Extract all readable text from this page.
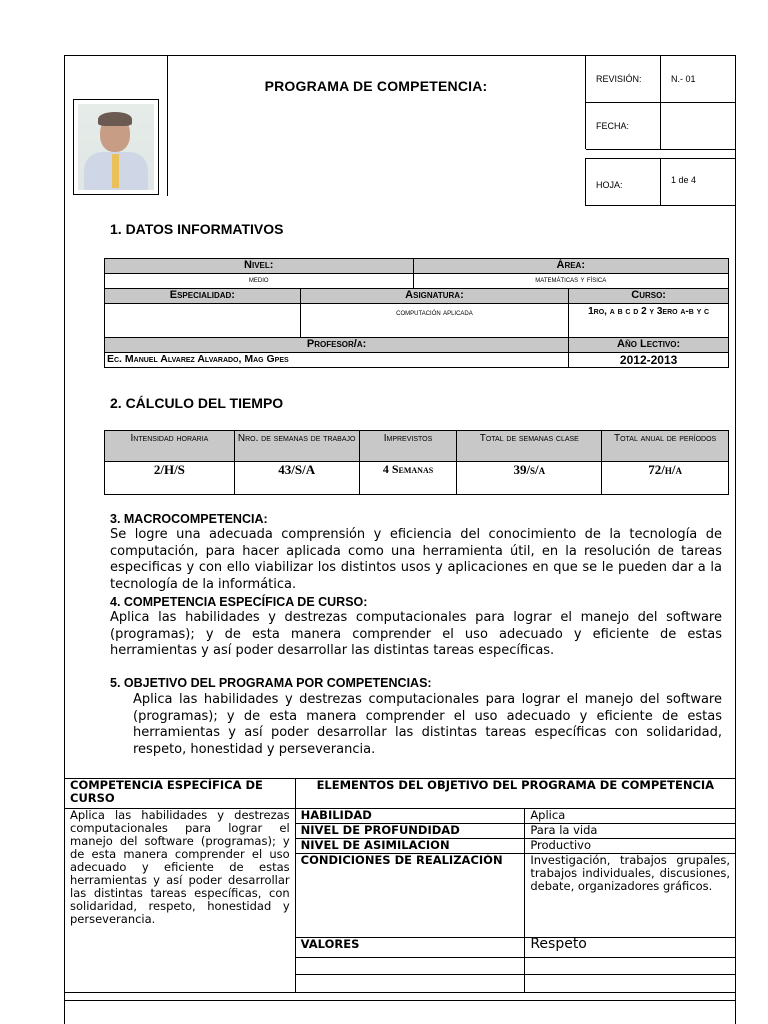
PROGRAMA DE COMPETENCIA:	REVISIÓN:	N.- 01
FECHA:
HOJA:	1 de 4
1. DATOS INFORMATIVOS
Nivel:		Área:	
medio		matemáticas y física	
Especialidad:	Asignatura:		Curso:
	computación aplicada		1ro, a b c d 2 y 3ero a-b y c
Profesor/a:			Año Lectivo:
Ec. Manuel Alvarez Alvarado, Mag Gpes			2012-2013
2. CÁLCULO DEL TIEMPO
Intensidad horaria	Nro. de semanas de trabajo	Imprevistos	Total de semanas clase	Total anual de períodos
2/H/S	43/S/A	4 Semanas	39/s/a	72/h/a
3. MACROCOMPETENCIA:
Se logre una adecuada comprensión y eficiencia del conocimiento de la tecnología de computación, para hacer aplicada como una herramienta útil, en la resolución de tareas especificas y con ello viabilizar los distintos usos y aplicaciones en que se le pueden dar a la tecnología de la informática.
4. COMPETENCIA ESPECÍFICA DE CURSO:
Aplica las habilidades y destrezas computacionales para lograr el manejo del software (programas); y de esta manera comprender el uso adecuado y eficiente de estas herramientas y así poder desarrollar las distintas tareas específicas.
5. OBJETIVO DEL PROGRAMA POR COMPETENCIAS:
Aplica las habilidades y destrezas computacionales para lograr el manejo del software (programas); y de esta manera comprender el uso adecuado y eficiente de estas herramientas y así poder desarrollar las distintas tareas específicas con solidaridad, respeto, honestidad y perseverancia.
COMPETENCIA ESPECÍFICA DE CURSO	ELEMENTOS DEL OBJETIVO DEL PROGRAMA DE COMPETENCIA	
Aplica las habilidades y destrezas computacionales para lograr el manejo del software (programas); y de esta manera comprender el uso adecuado y eficiente de estas herramientas y así poder desarrollar las distintas tareas específicas, con solidaridad, respeto, honestidad y perseverancia.	HABILIDAD	Aplica
	NIVEL DE PROFUNDIDAD	Para la vida
	NIVEL DE ASIMILACION	Productivo
	CONDICIONES DE REALIZACIÓN	Investigación, trabajos grupales, trabajos individuales, discusiones, debate, organizadores gráficos.
	VALORES	Respeto
